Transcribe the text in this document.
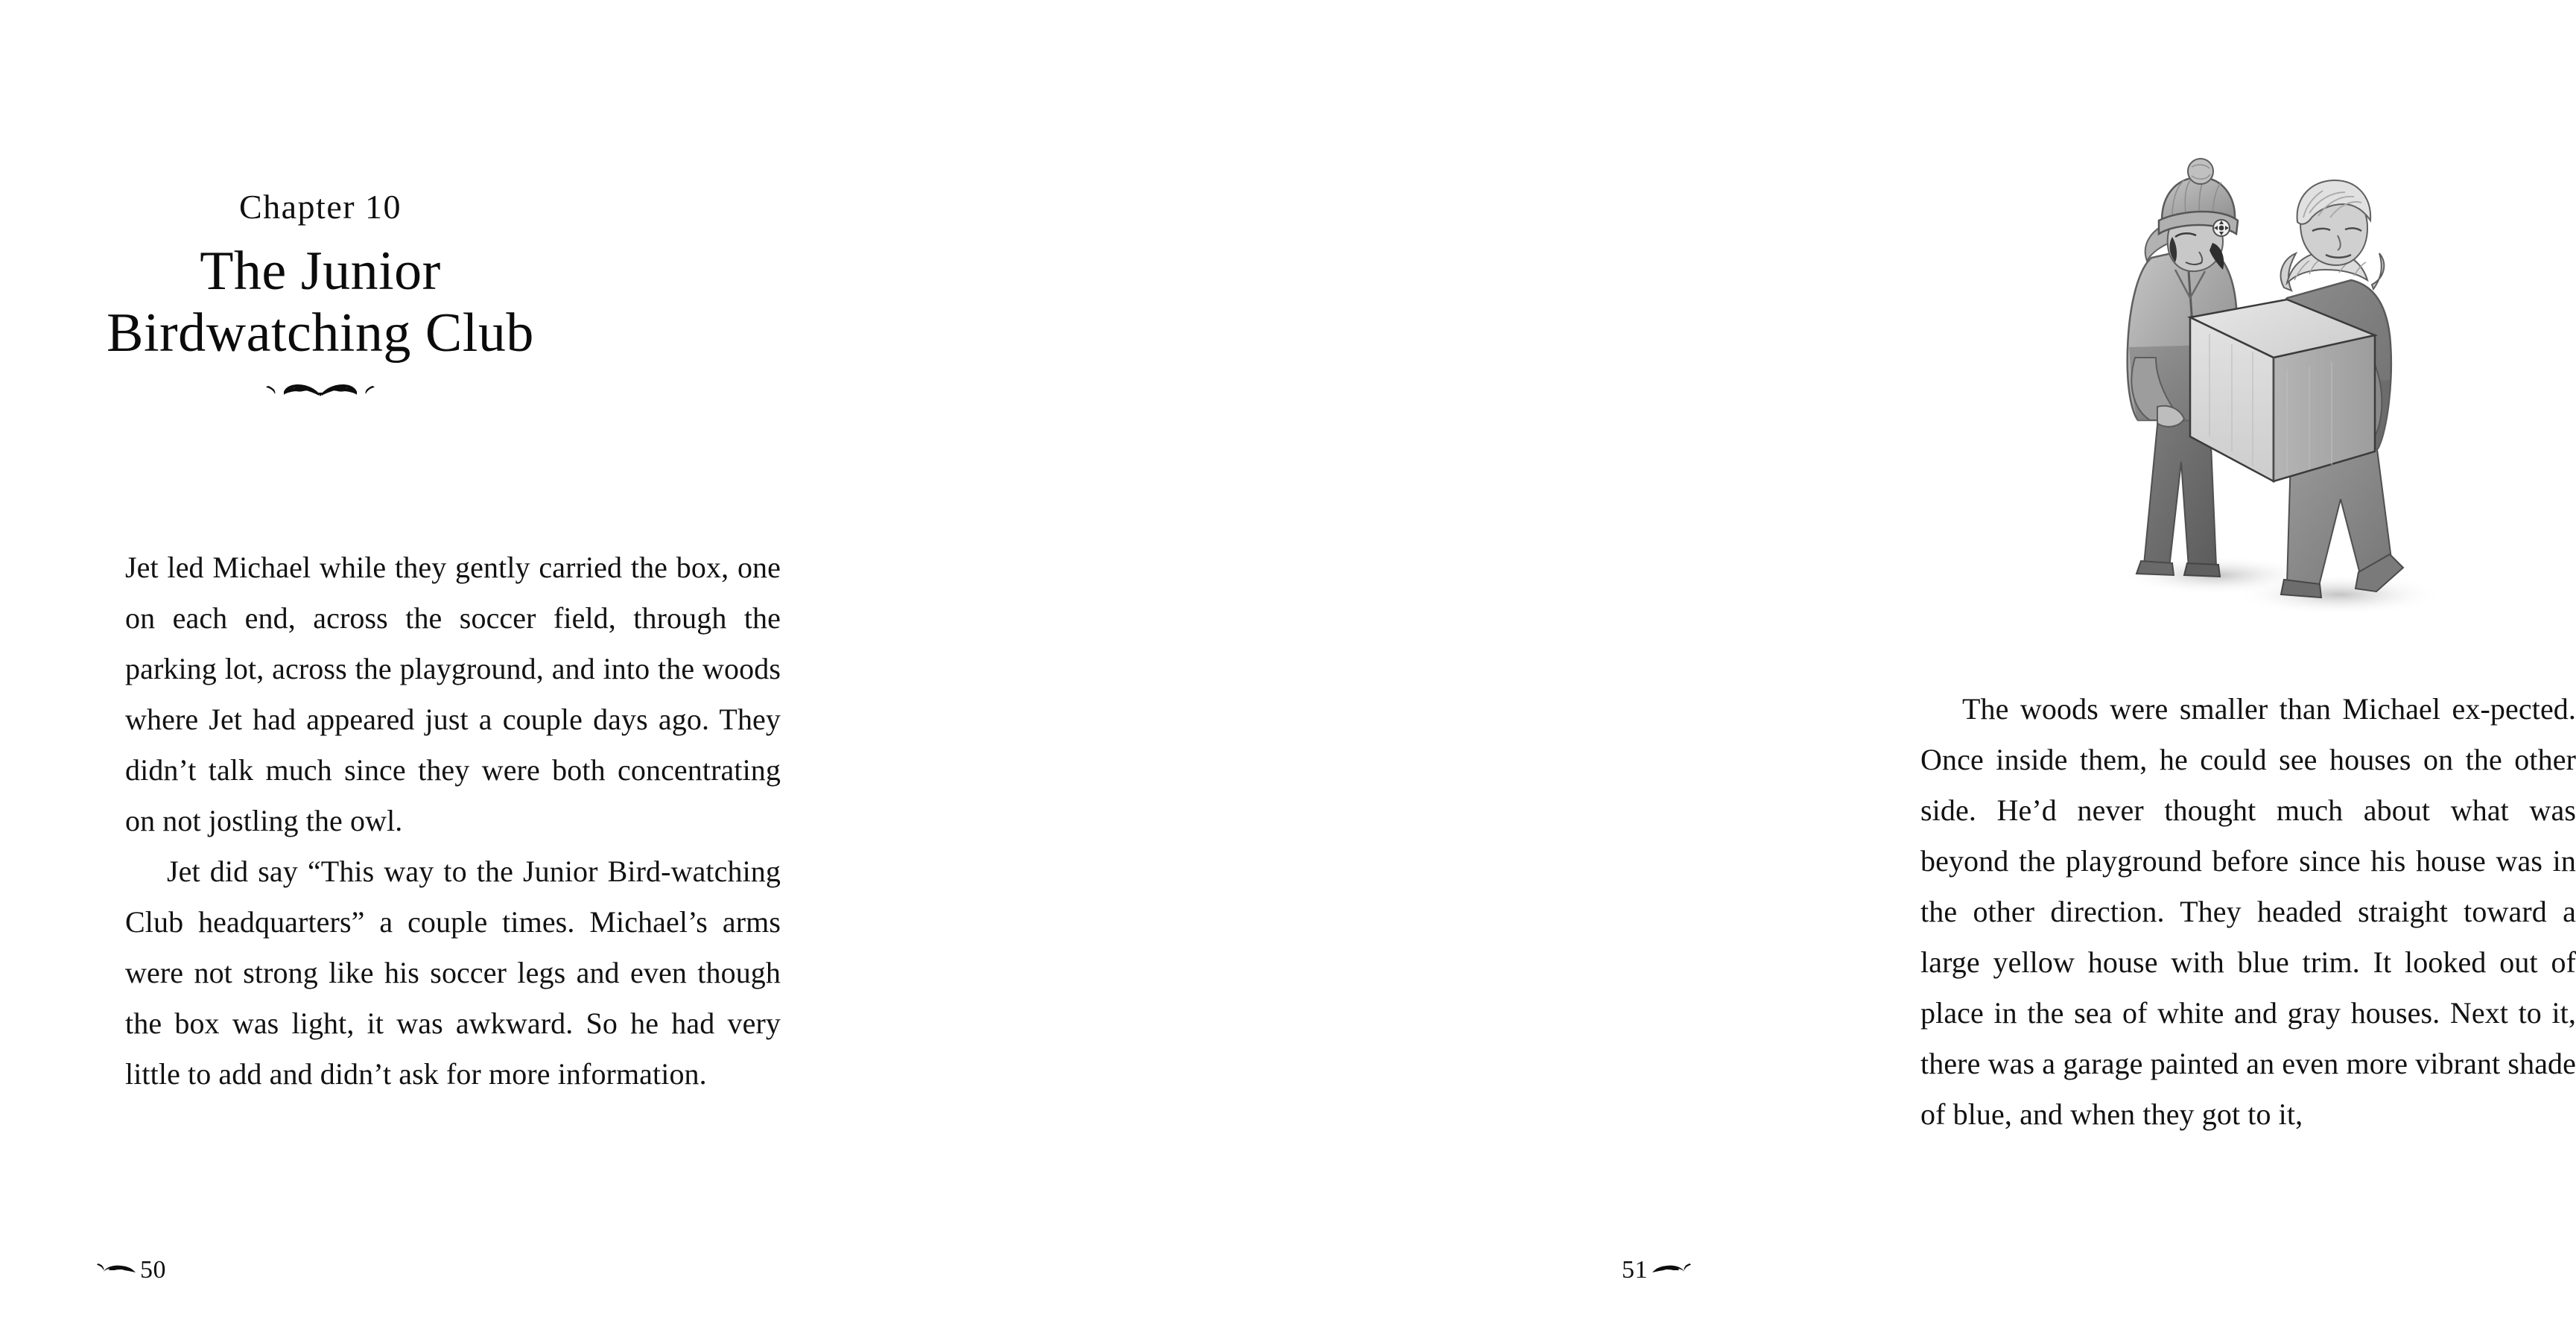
Chapter 10
The Junior
Birdwatching Club

Jet led Michael while they gently carried the box, one on each end, across the soccer field, through the parking lot, across the playground, and into the woods where Jet had appeared just a couple days ago. They didn’t talk much since they were both concentrating on not jostling the owl.

Jet did say “This way to the Junior Bird-watching Club headquarters” a couple times. Michael’s arms were not strong like his soccer legs and even though the box was light, it was awkward. So he had very little to add and didn’t ask for more information.

50

The woods were smaller than Michael ex-pected. Once inside them, he could see houses on the other side. He’d never thought much about what was beyond the playground before since his house was in the other direction. They headed straight toward a large yellow house with blue trim. It looked out of place in the sea of white and gray houses. Next to it, there was a garage painted an even more vibrant shade of blue, and when they got to it,

51
